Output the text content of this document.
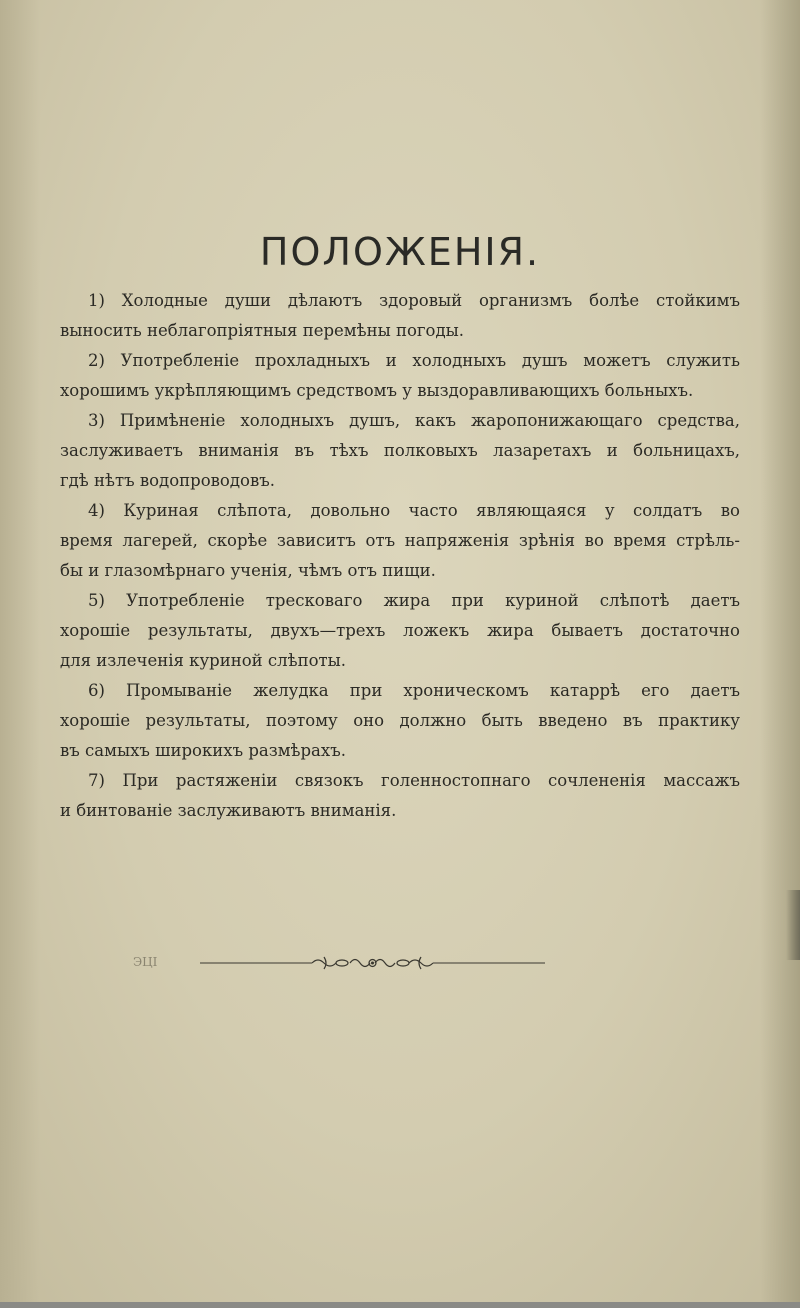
ПОЛОЖЕНІЯ.
1) Холодные души дѣлаютъ здоровый организмъ болѣе стойкимъ
выносить неблагопріятныя перемѣны погоды.
2) Употребленіе прохладныхъ и холодныхъ душъ можетъ служить
хорошимъ укрѣпляющимъ средствомъ у выздоравливающихъ больныхъ.
3) Примѣненіе холодныхъ душъ, какъ жаропонижающаго средства,
заслуживаетъ вниманія въ тѣхъ полковыхъ лазаретахъ и больницахъ,
гдѣ нѣтъ водопроводовъ.
4) Куриная слѣпота, довольно часто являющаяся у солдатъ во
время лагерей, скорѣе зависитъ отъ напряженія зрѣнія во время стрѣль-
бы и глазомѣрнаго ученія, чѣмъ отъ пищи.
5) Употребленіе тресковаго жира при куриной слѣпотѣ даетъ
хорошіе результаты, двухъ—трехъ ложекъ жира бываетъ достаточно
для излеченія куриной слѣпоты.
6) Промываніе желудка при хроническомъ катаррѣ его даетъ
хорошіе результаты, поэтому оно должно быть введено въ практику
въ самыхъ широкихъ размѣрахъ.
7) При растяженіи связокъ голенностопнаго сочлененія массажъ
и бинтованіе заслуживаютъ вниманія.
ЭЦІ
